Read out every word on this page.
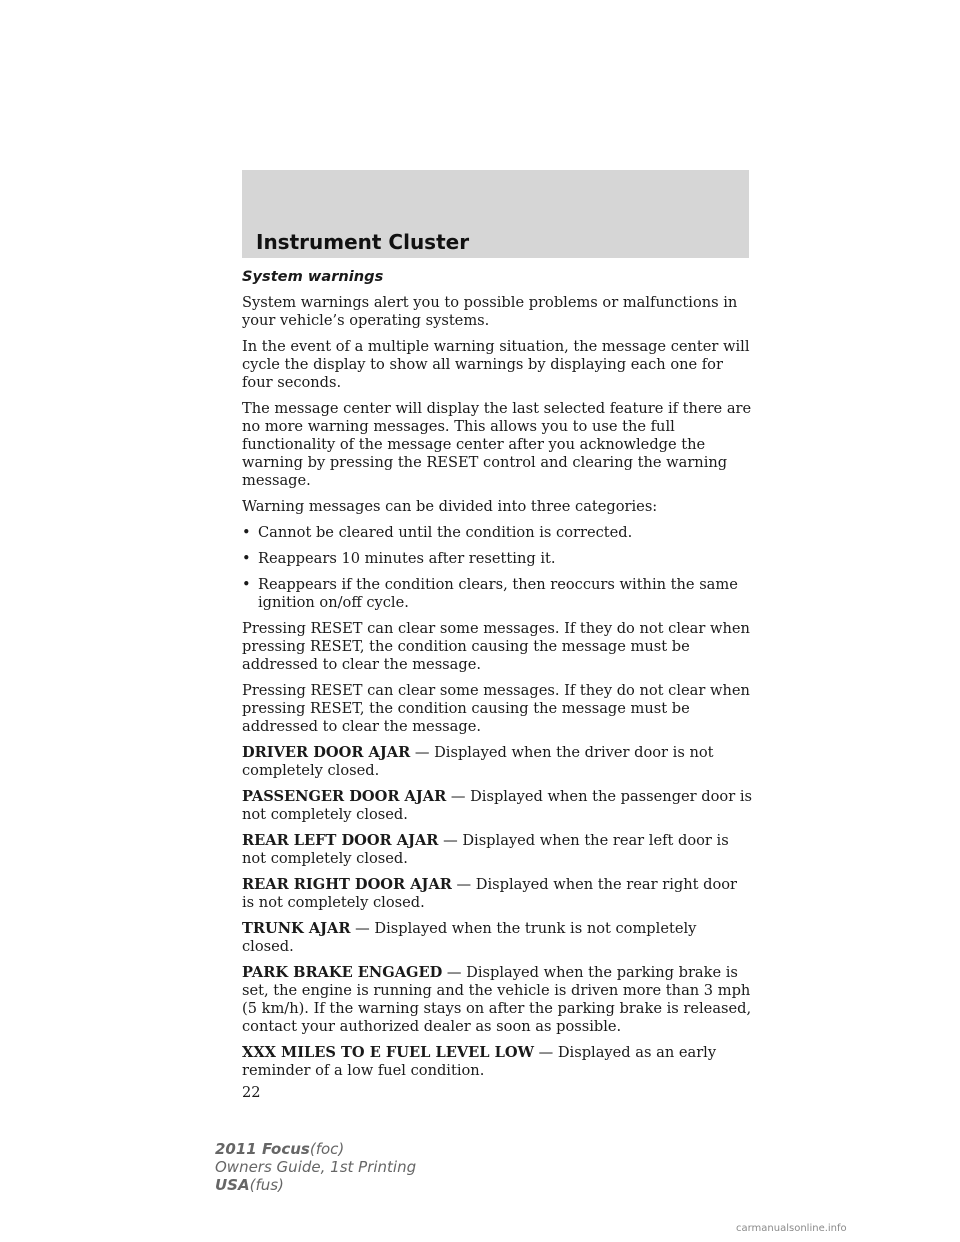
Instrument Cluster
System warnings

System warnings alert you to possible problems or malfunctions in your vehicle’s operating systems.

In the event of a multiple warning situation, the message center will cycle the display to show all warnings by displaying each one for four seconds.

The message center will display the last selected feature if there are no more warning messages. This allows you to use the full functionality of the message center after you acknowledge the warning by pressing the RESET control and clearing the warning message.

Warning messages can be divided into three categories:

• Cannot be cleared until the condition is corrected.
• Reappears 10 minutes after resetting it.
• Reappears if the condition clears, then reoccurs within the same ignition on/off cycle.

Pressing RESET can clear some messages. If they do not clear when pressing RESET, the condition causing the message must be addressed to clear the message.

Pressing RESET can clear some messages. If they do not clear when pressing RESET, the condition causing the message must be addressed to clear the message.

DRIVER DOOR AJAR — Displayed when the driver door is not completely closed.

PASSENGER DOOR AJAR — Displayed when the passenger door is not completely closed.

REAR LEFT DOOR AJAR — Displayed when the rear left door is not completely closed.

REAR RIGHT DOOR AJAR — Displayed when the rear right door is not completely closed.

TRUNK AJAR — Displayed when the trunk is not completely closed.

PARK BRAKE ENGAGED — Displayed when the parking brake is set, the engine is running and the vehicle is driven more than 3 mph (5 km/h). If the warning stays on after the parking brake is released, contact your authorized dealer as soon as possible.

XXX MILES TO E FUEL LEVEL LOW — Displayed as an early reminder of a low fuel condition.

22
2011 Focus(foc)
Owners Guide, 1st Printing
USA(fus)
carmanualsonline.info
